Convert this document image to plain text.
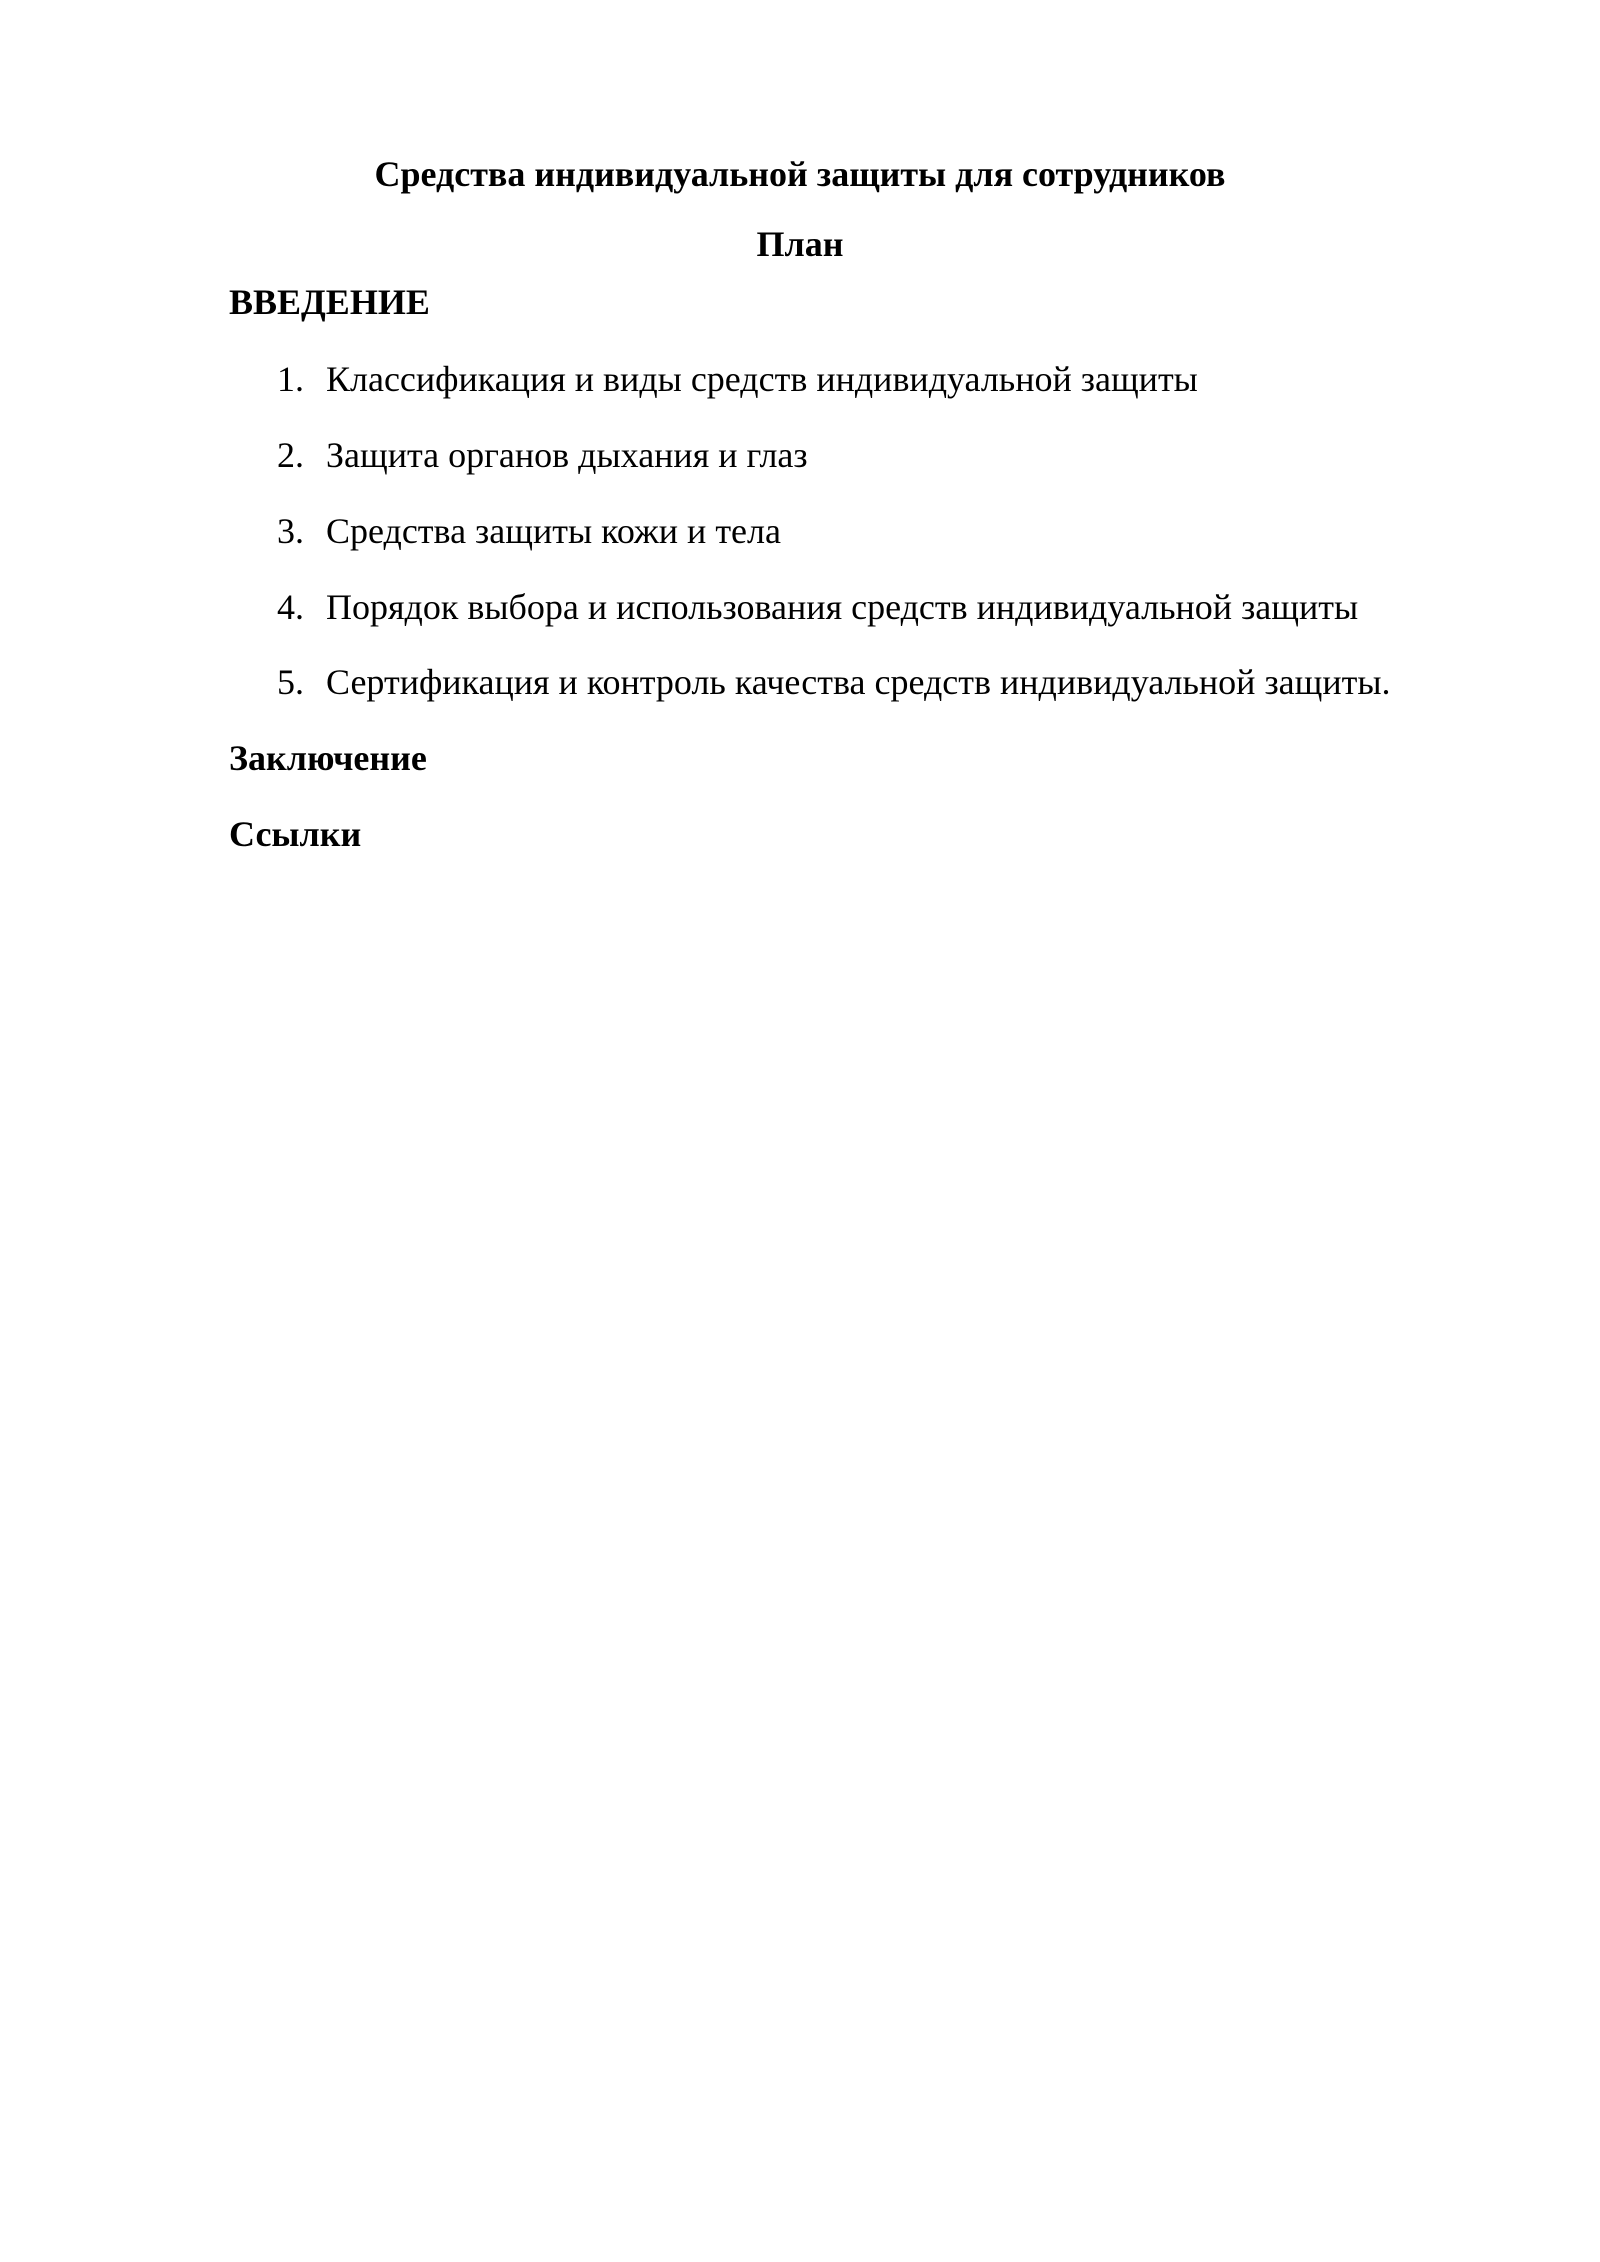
Средства индивидуальной защиты для сотрудников
План
ВВЕДЕНИЕ
1. Классификация и виды средств индивидуальной защиты
2. Защита органов дыхания и глаз
3. Средства защиты кожи и тела
4. Порядок выбора и использования средств индивидуальной защиты
5. Сертификация и контроль качества средств индивидуальной защиты.
Заключение
Ссылки
